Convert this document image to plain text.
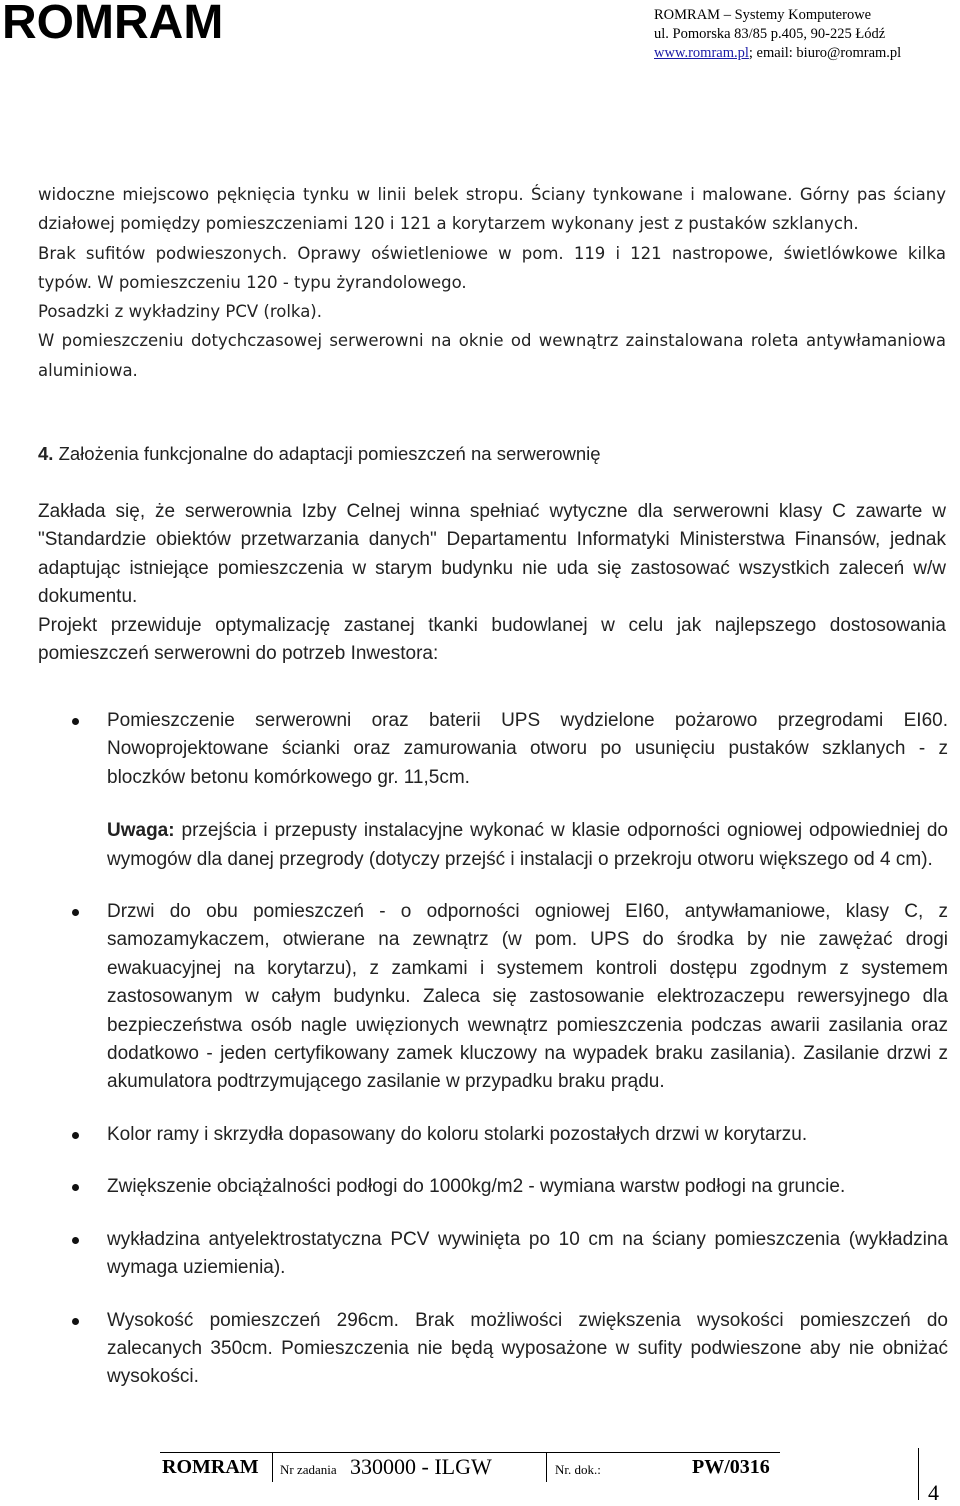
ROMRAM	ROMRAM – Systemy Komputerowe
ul. Pomorska 83/85 p.405, 90-225 Łódź
www.romram.pl; email: biuro@romram.pl

widoczne miejscowo pęknięcia tynku w linii belek stropu. Ściany tynkowane i malowane. Górny pas ściany działowej pomiędzy pomieszczeniami 120 i 121 a korytarzem wykonany jest z pustaków szklanych.

Brak sufitów podwieszonych. Oprawy oświetleniowe w pom. 119 i 121 nastropowe, świetlówkowe kilka typów. W pomieszczeniu 120 - typu żyrandolowego.

Posadzki z wykładziny PCV (rolka).

W pomieszczeniu dotychczasowej serwerowni na oknie od wewnątrz zainstalowana roleta antywłamaniowa aluminiowa.

4. Założenia funkcjonalne do adaptacji pomieszczeń na serwerownię

Zakłada się, że serwerownia Izby Celnej winna spełniać wytyczne dla serwerowni klasy C zawarte w "Standardzie obiektów przetwarzania danych" Departamentu Informatyki Ministerstwa Finansów, jednak adaptując istniejące pomieszczenia w starym budynku nie uda się zastosować wszystkich zaleceń w/w dokumentu.

Projekt przewiduje optymalizację zastanej tkanki budowlanej w celu jak najlepszego dostosowania pomieszczeń serwerowni do potrzeb Inwestora:

Pomieszczenie serwerowni oraz baterii UPS wydzielone pożarowo przegrodami EI60. Nowoprojektowane ścianki oraz zamurowania otworu po usunięciu pustaków szklanych - z bloczków betonu komórkowego gr. 11,5cm.
Uwaga: przejścia i przepusty instalacyjne wykonać w klasie odporności ogniowej odpowiedniej do wymogów dla danej przegrody (dotyczy przejść i instalacji o przekroju otworu większego od 4 cm).
Drzwi do obu pomieszczeń - o odporności ogniowej EI60, antywłamaniowe, klasy C, z samozamykaczem, otwierane na zewnątrz (w pom. UPS do środka by nie zawężać drogi ewakuacyjnej na korytarzu), z zamkami i systemem kontroli dostępu zgodnym z systemem zastosowanym w całym budynku. Zaleca się zastosowanie elektrozaczepu rewersyjnego dla bezpieczeństwa osób nagle uwięzionych wewnątrz pomieszczenia podczas awarii zasilania oraz dodatkowo - jeden certyfikowany zamek kluczowy na wypadek braku zasilania). Zasilanie drzwi z akumulatora podtrzymującego zasilanie w przypadku braku prądu.
Kolor ramy i skrzydła dopasowany do koloru stolarki pozostałych drzwi w korytarzu.
Zwiększenie obciążalności podłogi do 1000kg/m2 - wymiana warstw podłogi na gruncie.
wykładzina antyelektrostatyczna PCV wywinięta po 10 cm na ściany pomieszczenia (wykładzina wymaga uziemienia).
Wysokość pomieszczeń 296cm. Brak możliwości zwiększenia wysokości pomieszczeń do zalecanych 350cm. Pomieszczenia nie będą wyposażone w sufity podwieszone aby nie obniżać wysokości.
ROMRAM Nr zadania 330000 - ILGW	Nr. dok.:	PW/0316
4
